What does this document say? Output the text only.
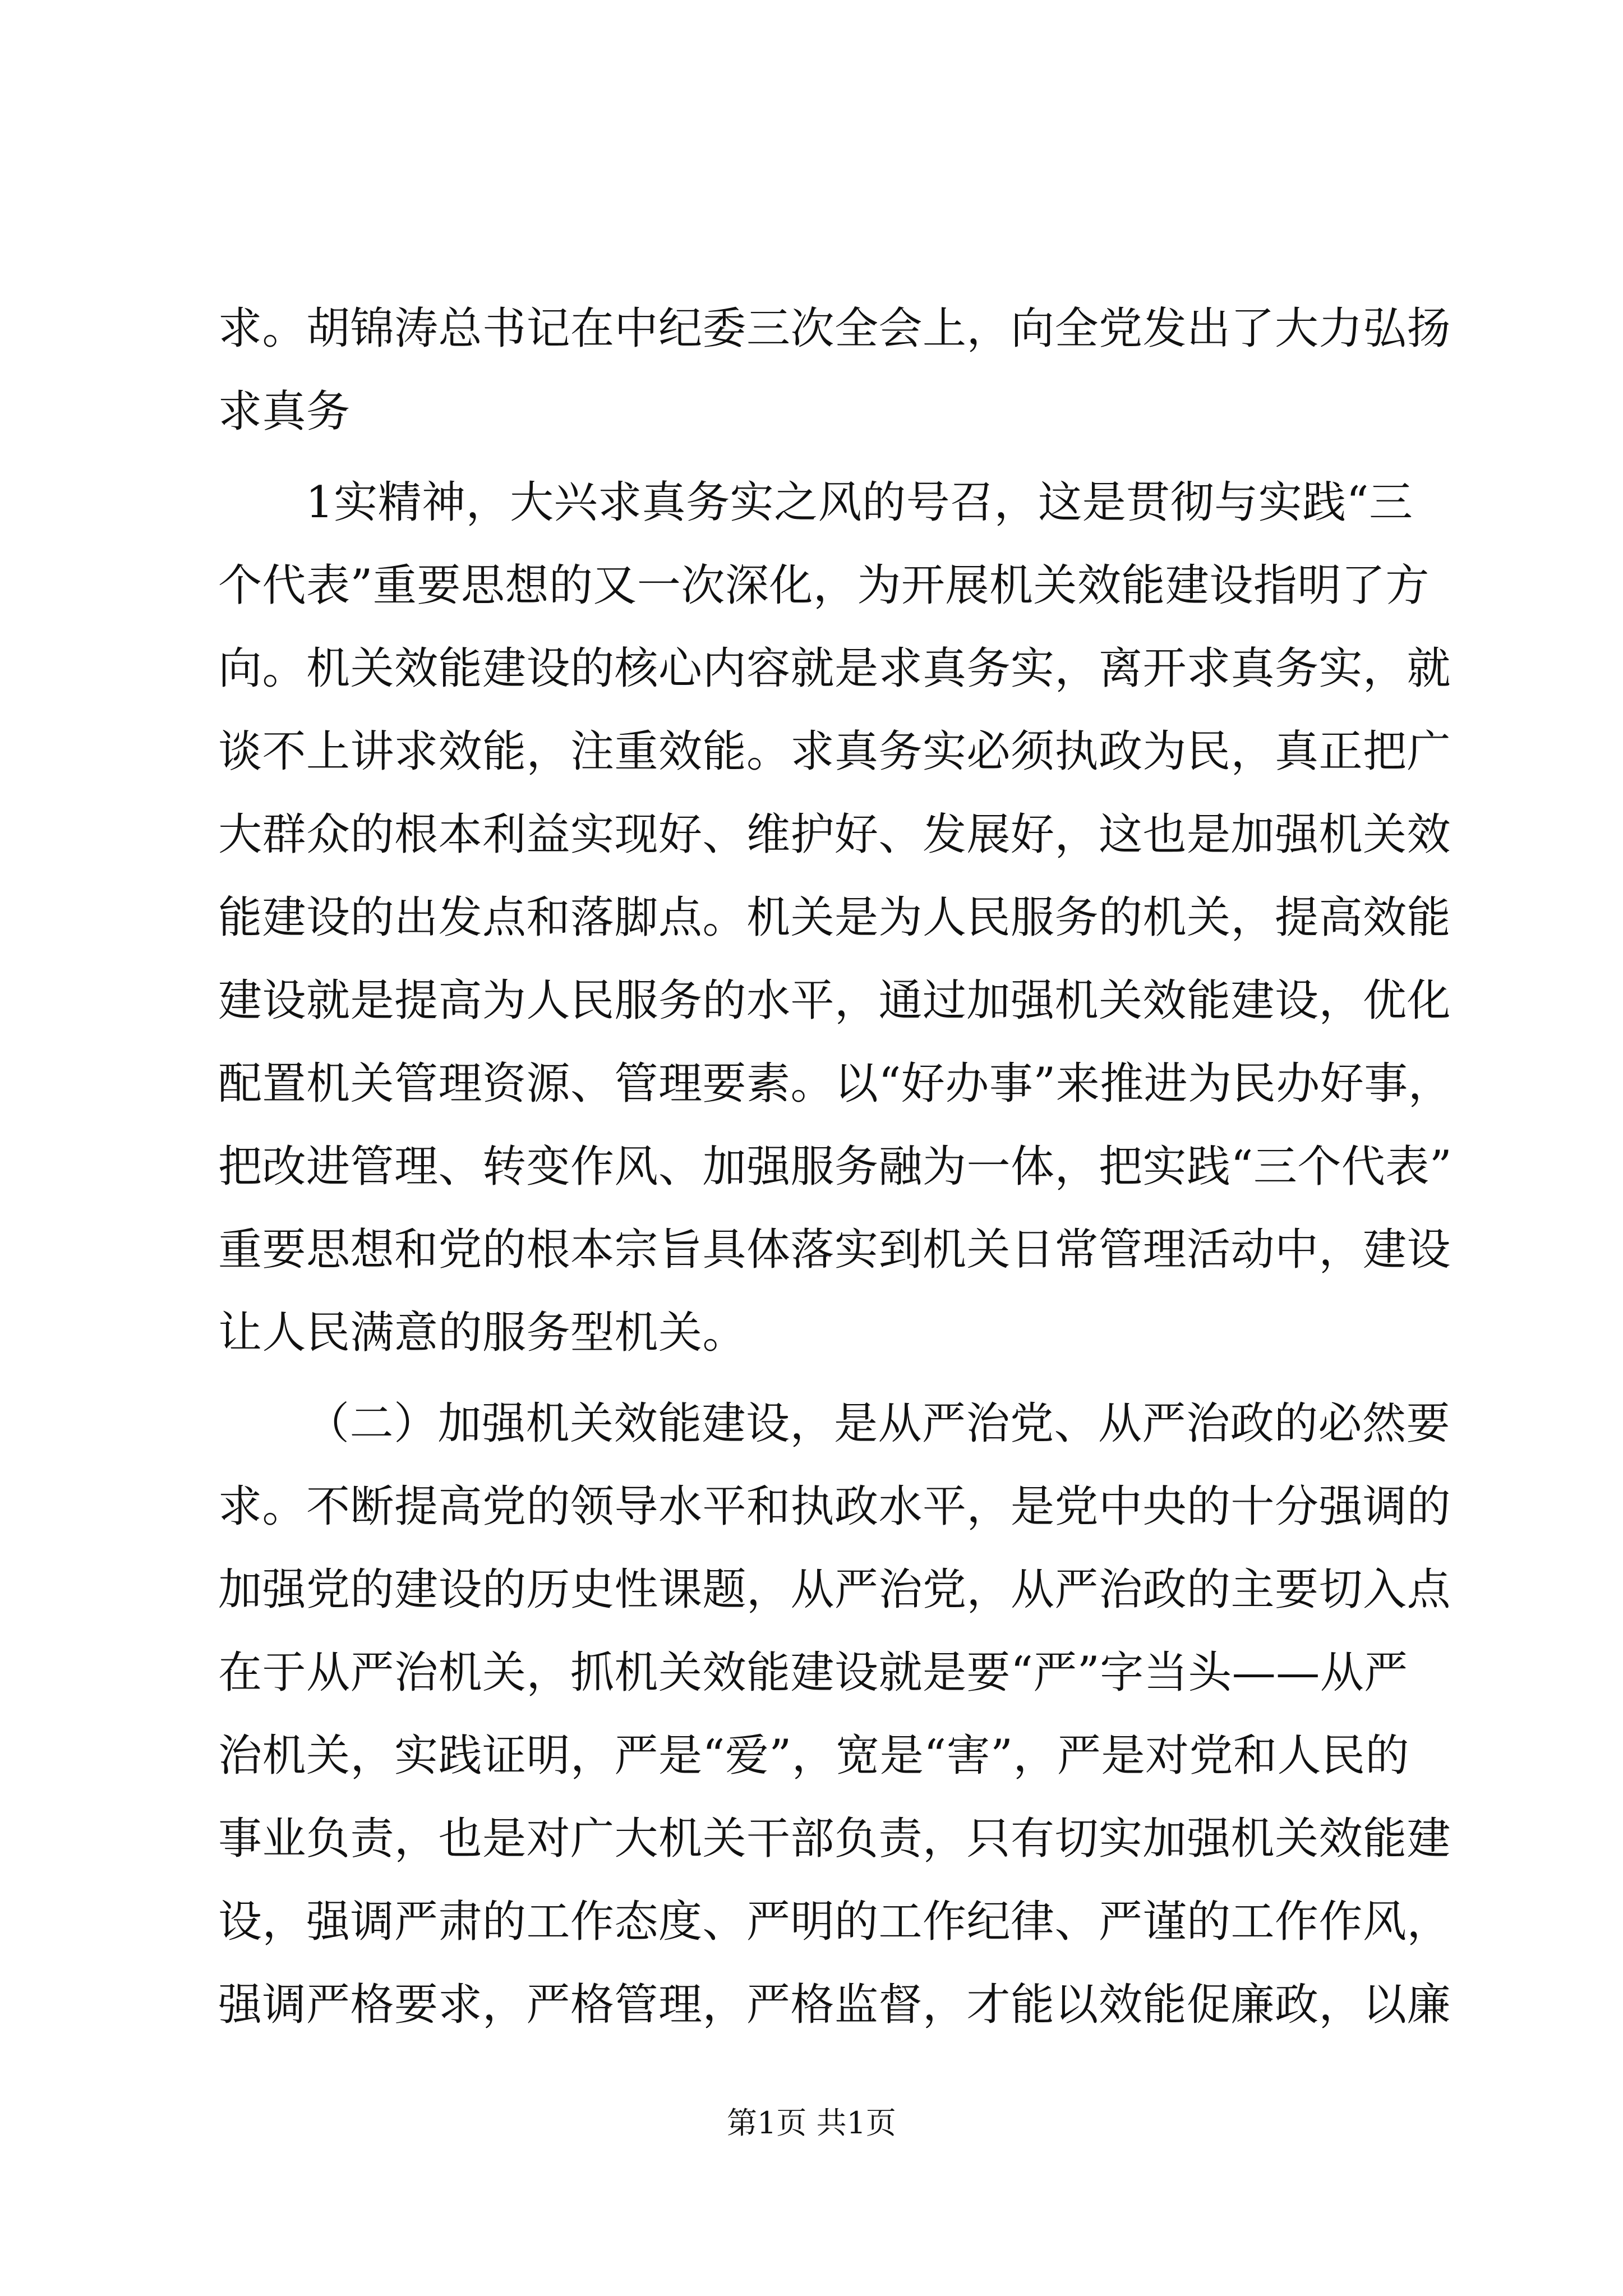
求。胡锦涛总书记在中纪委三次全会上，向全党发出了大力弘扬
求真务
1实精神，大兴求真务实之风的号召，这是贯彻与实践“三
个代表”重要思想的又一次深化，为开展机关效能建设指明了方
向。机关效能建设的核心内容就是求真务实，离开求真务实，就
谈不上讲求效能，注重效能。求真务实必须执政为民，真正把广
大群众的根本利益实现好、维护好、发展好，这也是加强机关效
能建设的出发点和落脚点。机关是为人民服务的机关，提高效能
建设就是提高为人民服务的水平，通过加强机关效能建设，优化
配置机关管理资源、管理要素。以“好办事”来推进为民办好事，
把改进管理、转变作风、加强服务融为一体，把实践“三个代表”
重要思想和党的根本宗旨具体落实到机关日常管理活动中，建设
让人民满意的服务型机关。
（二）加强机关效能建设，是从严治党、从严治政的必然要
求。不断提高党的领导水平和执政水平，是党中央的十分强调的
加强党的建设的历史性课题，从严治党，从严治政的主要切入点
在于从严治机关，抓机关效能建设就是要“严”字当头——从严
治机关，实践证明，严是“爱”，宽是“害”，严是对党和人民的
事业负责，也是对广大机关干部负责，只有切实加强机关效能建
设，强调严肃的工作态度、严明的工作纪律、严谨的工作作风，
强调严格要求，严格管理，严格监督，才能以效能促廉政，以廉
第1页 共1页
